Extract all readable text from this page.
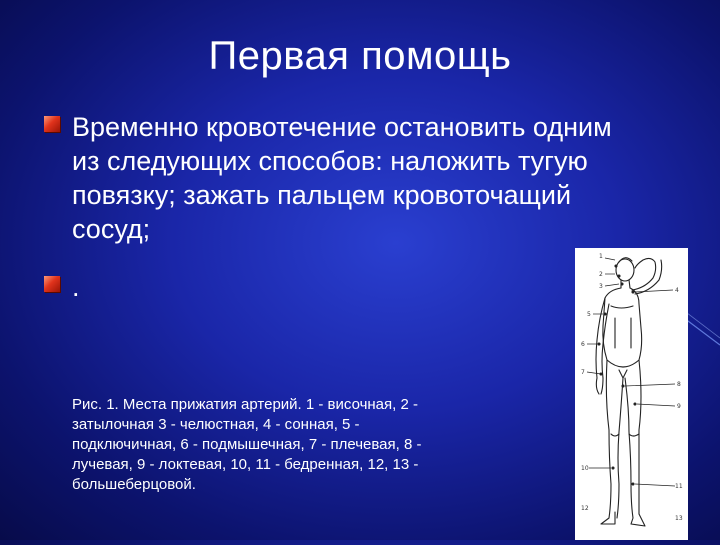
Первая помощь
Временно кровотечение остановить одним из следующих способов: наложить тугую повязку; зажать пальцем кровоточащий сосуд;
.
Рис. 1. Места прижатия артерий. 1 - височная, 2 - затылочная 3 - челюстная, 4 - сонная, 5 - подключичная, 6 - подмышечная, 7 - плечевая, 8 - лучевая, 9 - локтевая, 10, 11 - бедренная, 12, 13 - большеберцовой.
1
2
3
4
5
6
7
8
9
10
11
12
13
